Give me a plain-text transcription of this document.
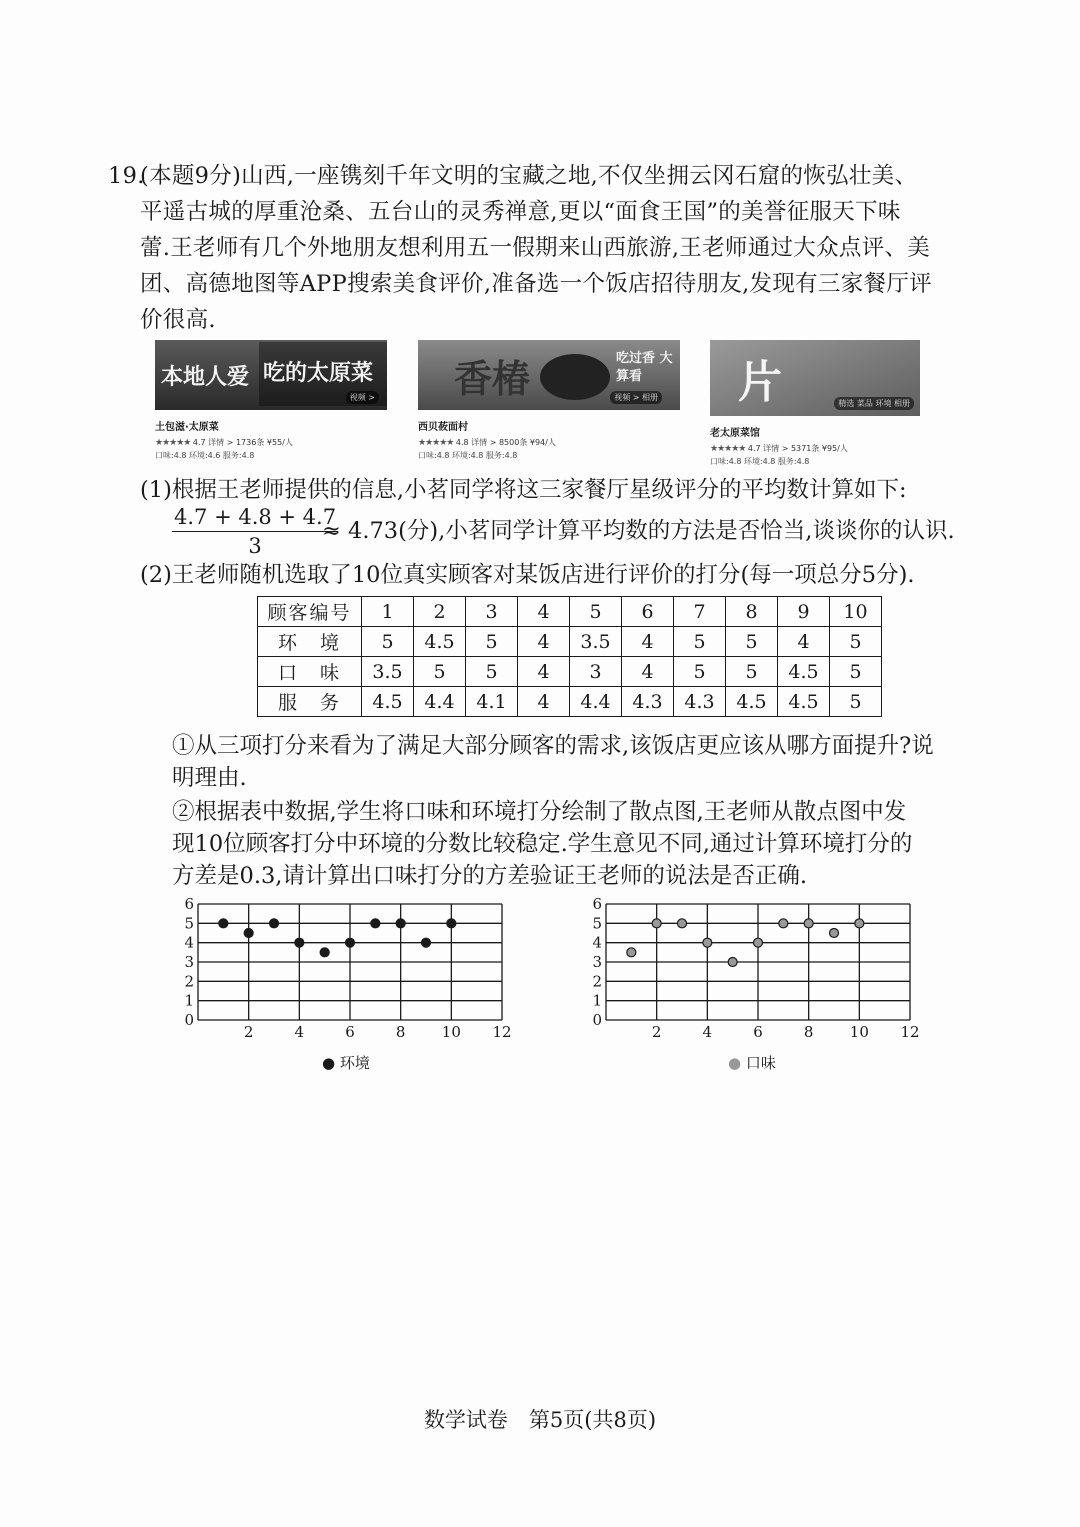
19.(本题9分)山西,一座镌刻千年文明的宝藏之地,不仅坐拥云冈石窟的恢弘壮美、
平遥古城的厚重沧桑、五台山的灵秀禅意,更以“面食王国”的美誉征服天下味
蕾.王老师有几个外地朋友想利用五一假期来山西旅游,王老师通过大众点评、美
团、高德地图等APP搜索美食评价,准备选一个饭店招待朋友,发现有三家餐厅评
价很高.
本地人爱 吃的太原菜
视频 >
土包滋·太原菜
★★★★★ 4.7 详情 > 1736条 ¥55/人
口味:4.8 环境:4.6 服务:4.8
香椿	吃过香 大算看
视频 > 相册
西贝莜面村
★★★★★ 4.8 详情 > 8500条 ¥94/人
口味:4.8 环境:4.8 服务:4.8
片	精选 菜品 环境 相册
老太原菜馆
★★★★★ 4.7 详情 > 5371条 ¥95/人
口味:4.8 环境:4.8 服务:4.8
(1)根据王老师提供的信息,小茗同学将这三家餐厅星级评分的平均数计算如下:
$\frac{4.7 + 4.8 + 4.7}{3}$
≈ 4.73(分),小茗同学计算平均数的方法是否恰当,谈谈你的认识.
(2)王老师随机选取了10位真实顾客对某饭店进行评价的打分(每一项总分5分).
顾客编号	1	2	3	4	5	6	7	8	9	10
环　境	5	4.5	5	4	3.5	4	5	5	4	5
口　味	3.5	5	5	4	3	4	5	5	4.5	5
服　务	4.5	4.4	4.1	4	4.4	4.3	4.3	4.5	4.5	5
①从三项打分来看为了满足大部分顾客的需求,该饭店更应该从哪方面提升?说
明理由.
②根据表中数据,学生将口味和环境打分绘制了散点图,王老师从散点图中发
现10位顾客打分中环境的分数比较稳定.学生意见不同,通过计算环境打分的
方差是0.3,请计算出口味打分的方差验证王老师的说法是否正确.
0
1
2
3
4
5
6
2	4	6	8 10 12
● 环境
0
1
2
3
4
5
6
2	4	6	8 10 12
● 口味
数学试卷　第5页(共8页)
